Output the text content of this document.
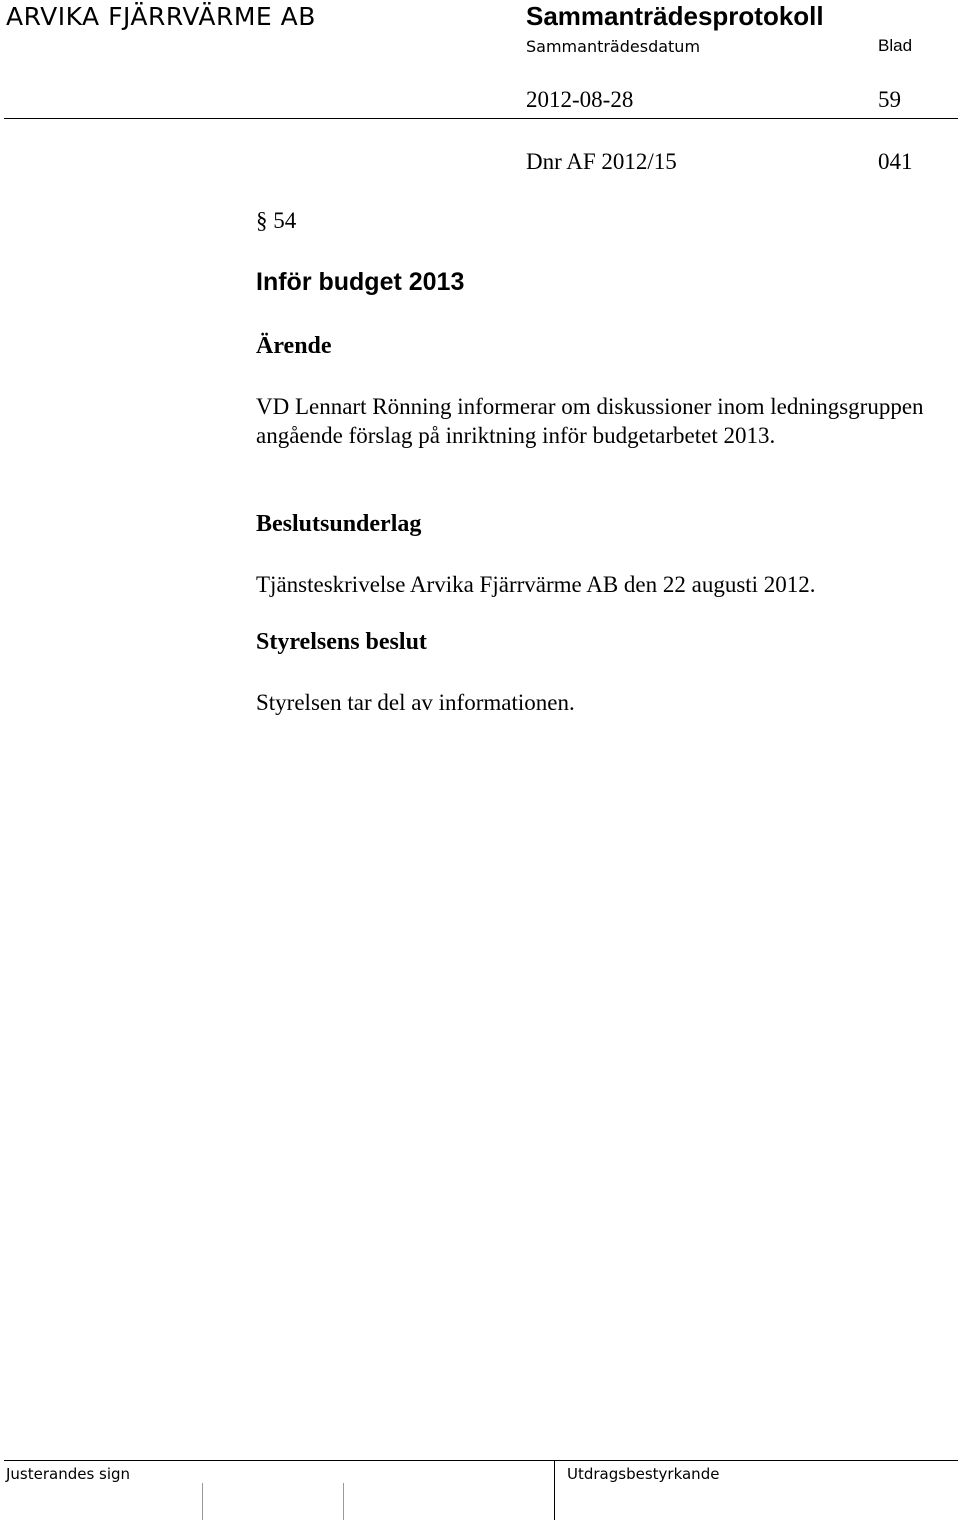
ARVIKA FJÄRRVÄRME AB	Sammanträdesprotokoll
Sammanträdesdatum	Blad
2012-08-28	59
Dnr AF 2012/15	041
§ 54
Inför budget 2013
Ärende
VD Lennart Rönning informerar om diskussioner inom ledningsgruppen angående förslag på inriktning inför budgetarbetet 2013.
Beslutsunderlag
Tjänsteskrivelse Arvika Fjärrvärme AB den 22 augusti 2012.
Styrelsens beslut
Styrelsen tar del av informationen.
Justerandes sign	Utdragsbestyrkande
